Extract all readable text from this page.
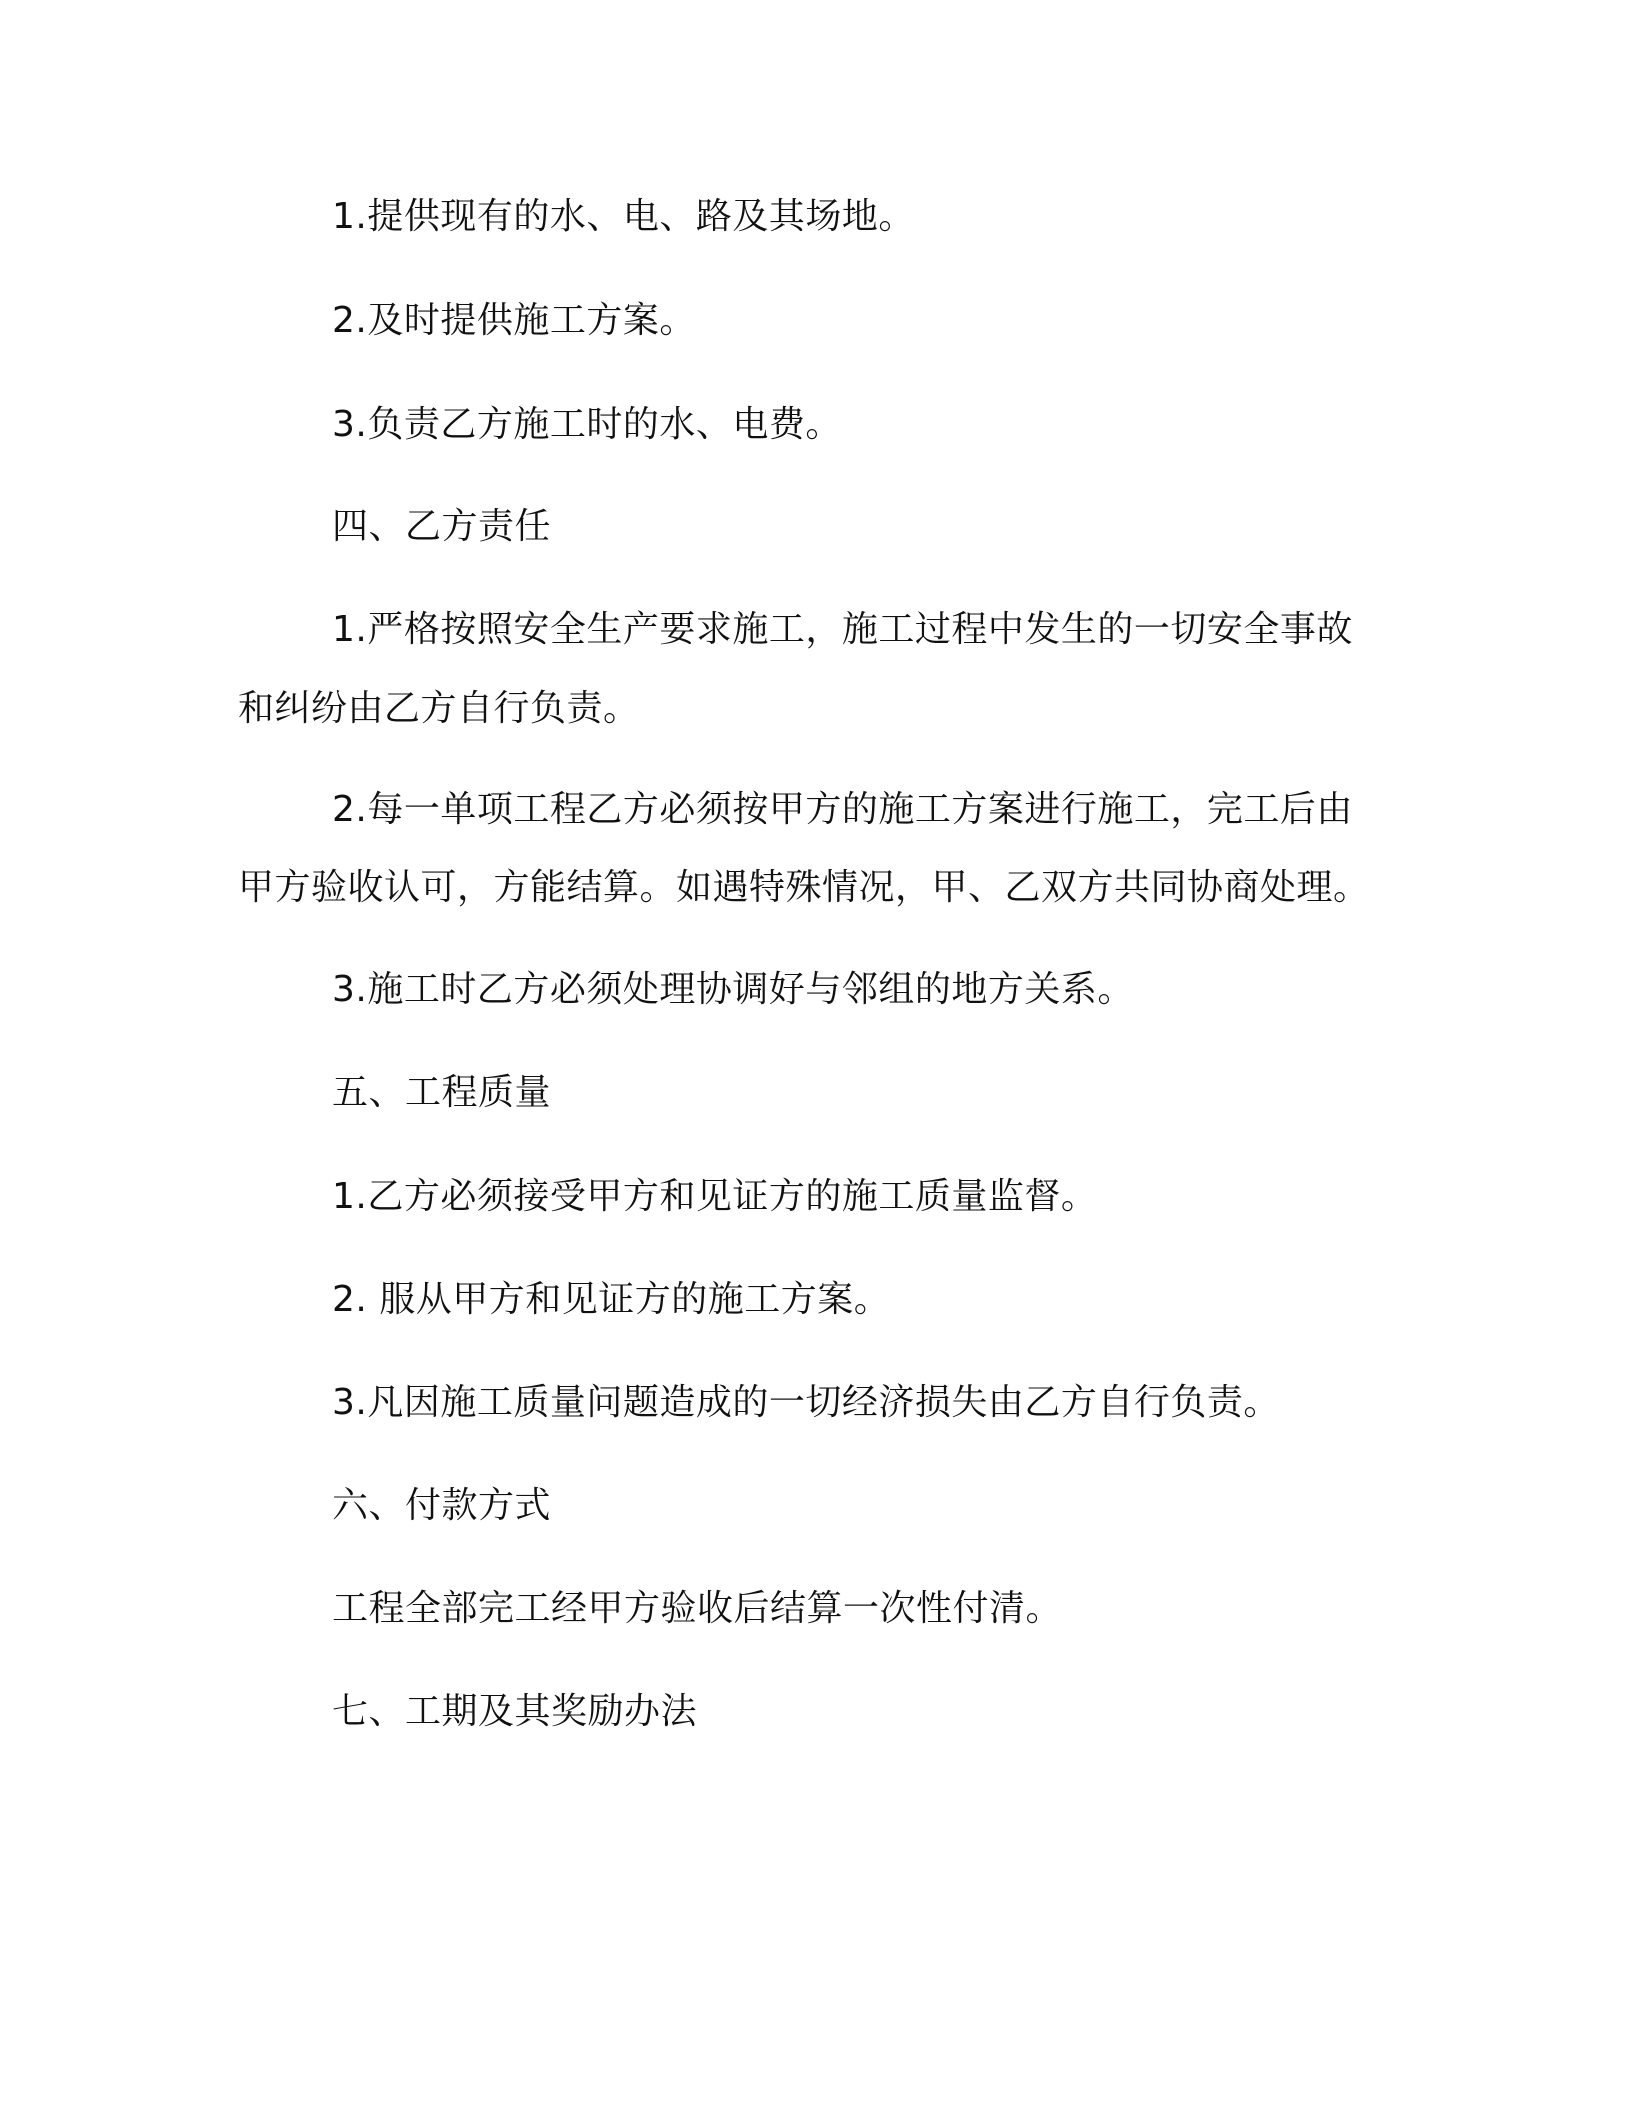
1.提供现有的水、电、路及其场地。
2.及时提供施工方案。
3.负责乙方施工时的水、电费。
四、乙方责任
1.严格按照安全生产要求施工，施工过程中发生的一切安全事故
和纠纷由乙方自行负责。
2.每一单项工程乙方必须按甲方的施工方案进行施工，完工后由
甲方验收认可，方能结算。如遇特殊情况，甲、乙双方共同协商处理。
3.施工时乙方必须处理协调好与邻组的地方关系。
五、工程质量
1.乙方必须接受甲方和见证方的施工质量监督。
2. 服从甲方和见证方的施工方案。
3.凡因施工质量问题造成的一切经济损失由乙方自行负责。
六、付款方式
工程全部完工经甲方验收后结算一次性付清。
七、工期及其奖励办法
